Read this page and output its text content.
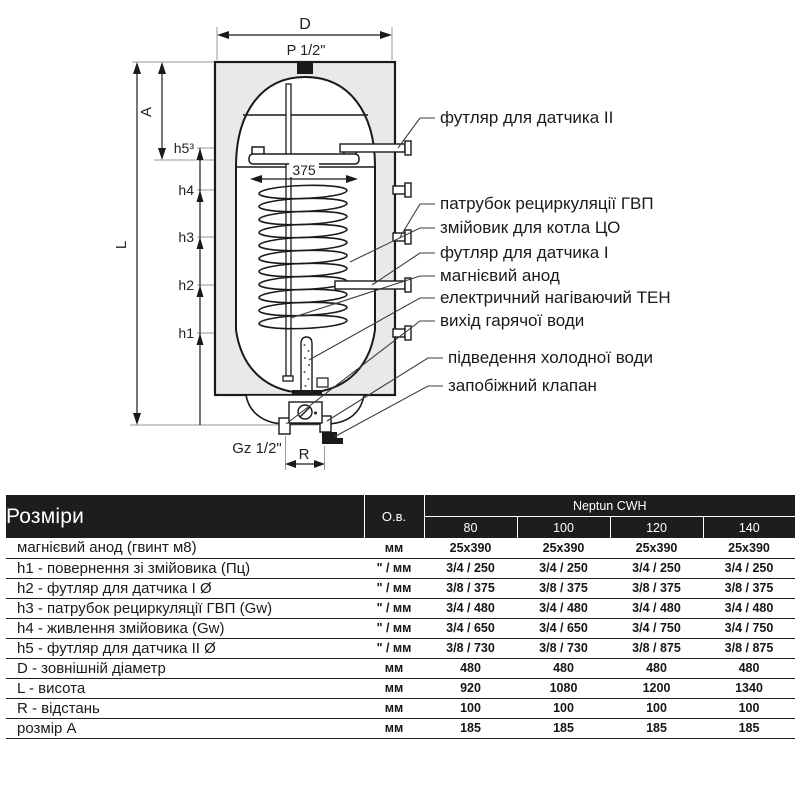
D
P 1/2"
A
L
h5³
h4
h3
h2
h1
375
R
Gz 1/2"
футляр для датчика II
патрубок рециркуляції ГВП
змійовик для котла ЦО
футляр для датчика I
магнієвий анод
електричний нагіваючий ТЕН
вихід гарячої води
підведення холодної води
запобіжний клапан
Розміри	О.в.	Neptun CWH			
		80	100	120	140
магнієвий анод (гвинт м8)	мм	25x390	25x390	25x390	25x390
h1 - повернення зі змійовика (Пц)	" / мм	3/4 / 250	3/4 / 250	3/4 / 250	3/4 / 250
h2 - футляр для датчика I Ø	" / мм	3/8 / 375	3/8 / 375	3/8 / 375	3/8 / 375
h3 - патрубок рециркуляції ГВП (Gw)	" / мм	3/4 / 480	3/4 / 480	3/4 / 480	3/4 / 480
h4 - живлення змійовика (Gw)	" / мм	3/4 / 650	3/4 / 650	3/4 / 750	3/4 / 750
h5 - футляр для датчика II Ø	" / мм	3/8 / 730	3/8 / 730	3/8 / 875	3/8 / 875
D - зовнішній діаметр	мм	480	480	480	480
L - висота	мм	920	1080	1200	1340
R - відстань	мм	100	100	100	100
розмір A	мм	185	185	185	185
